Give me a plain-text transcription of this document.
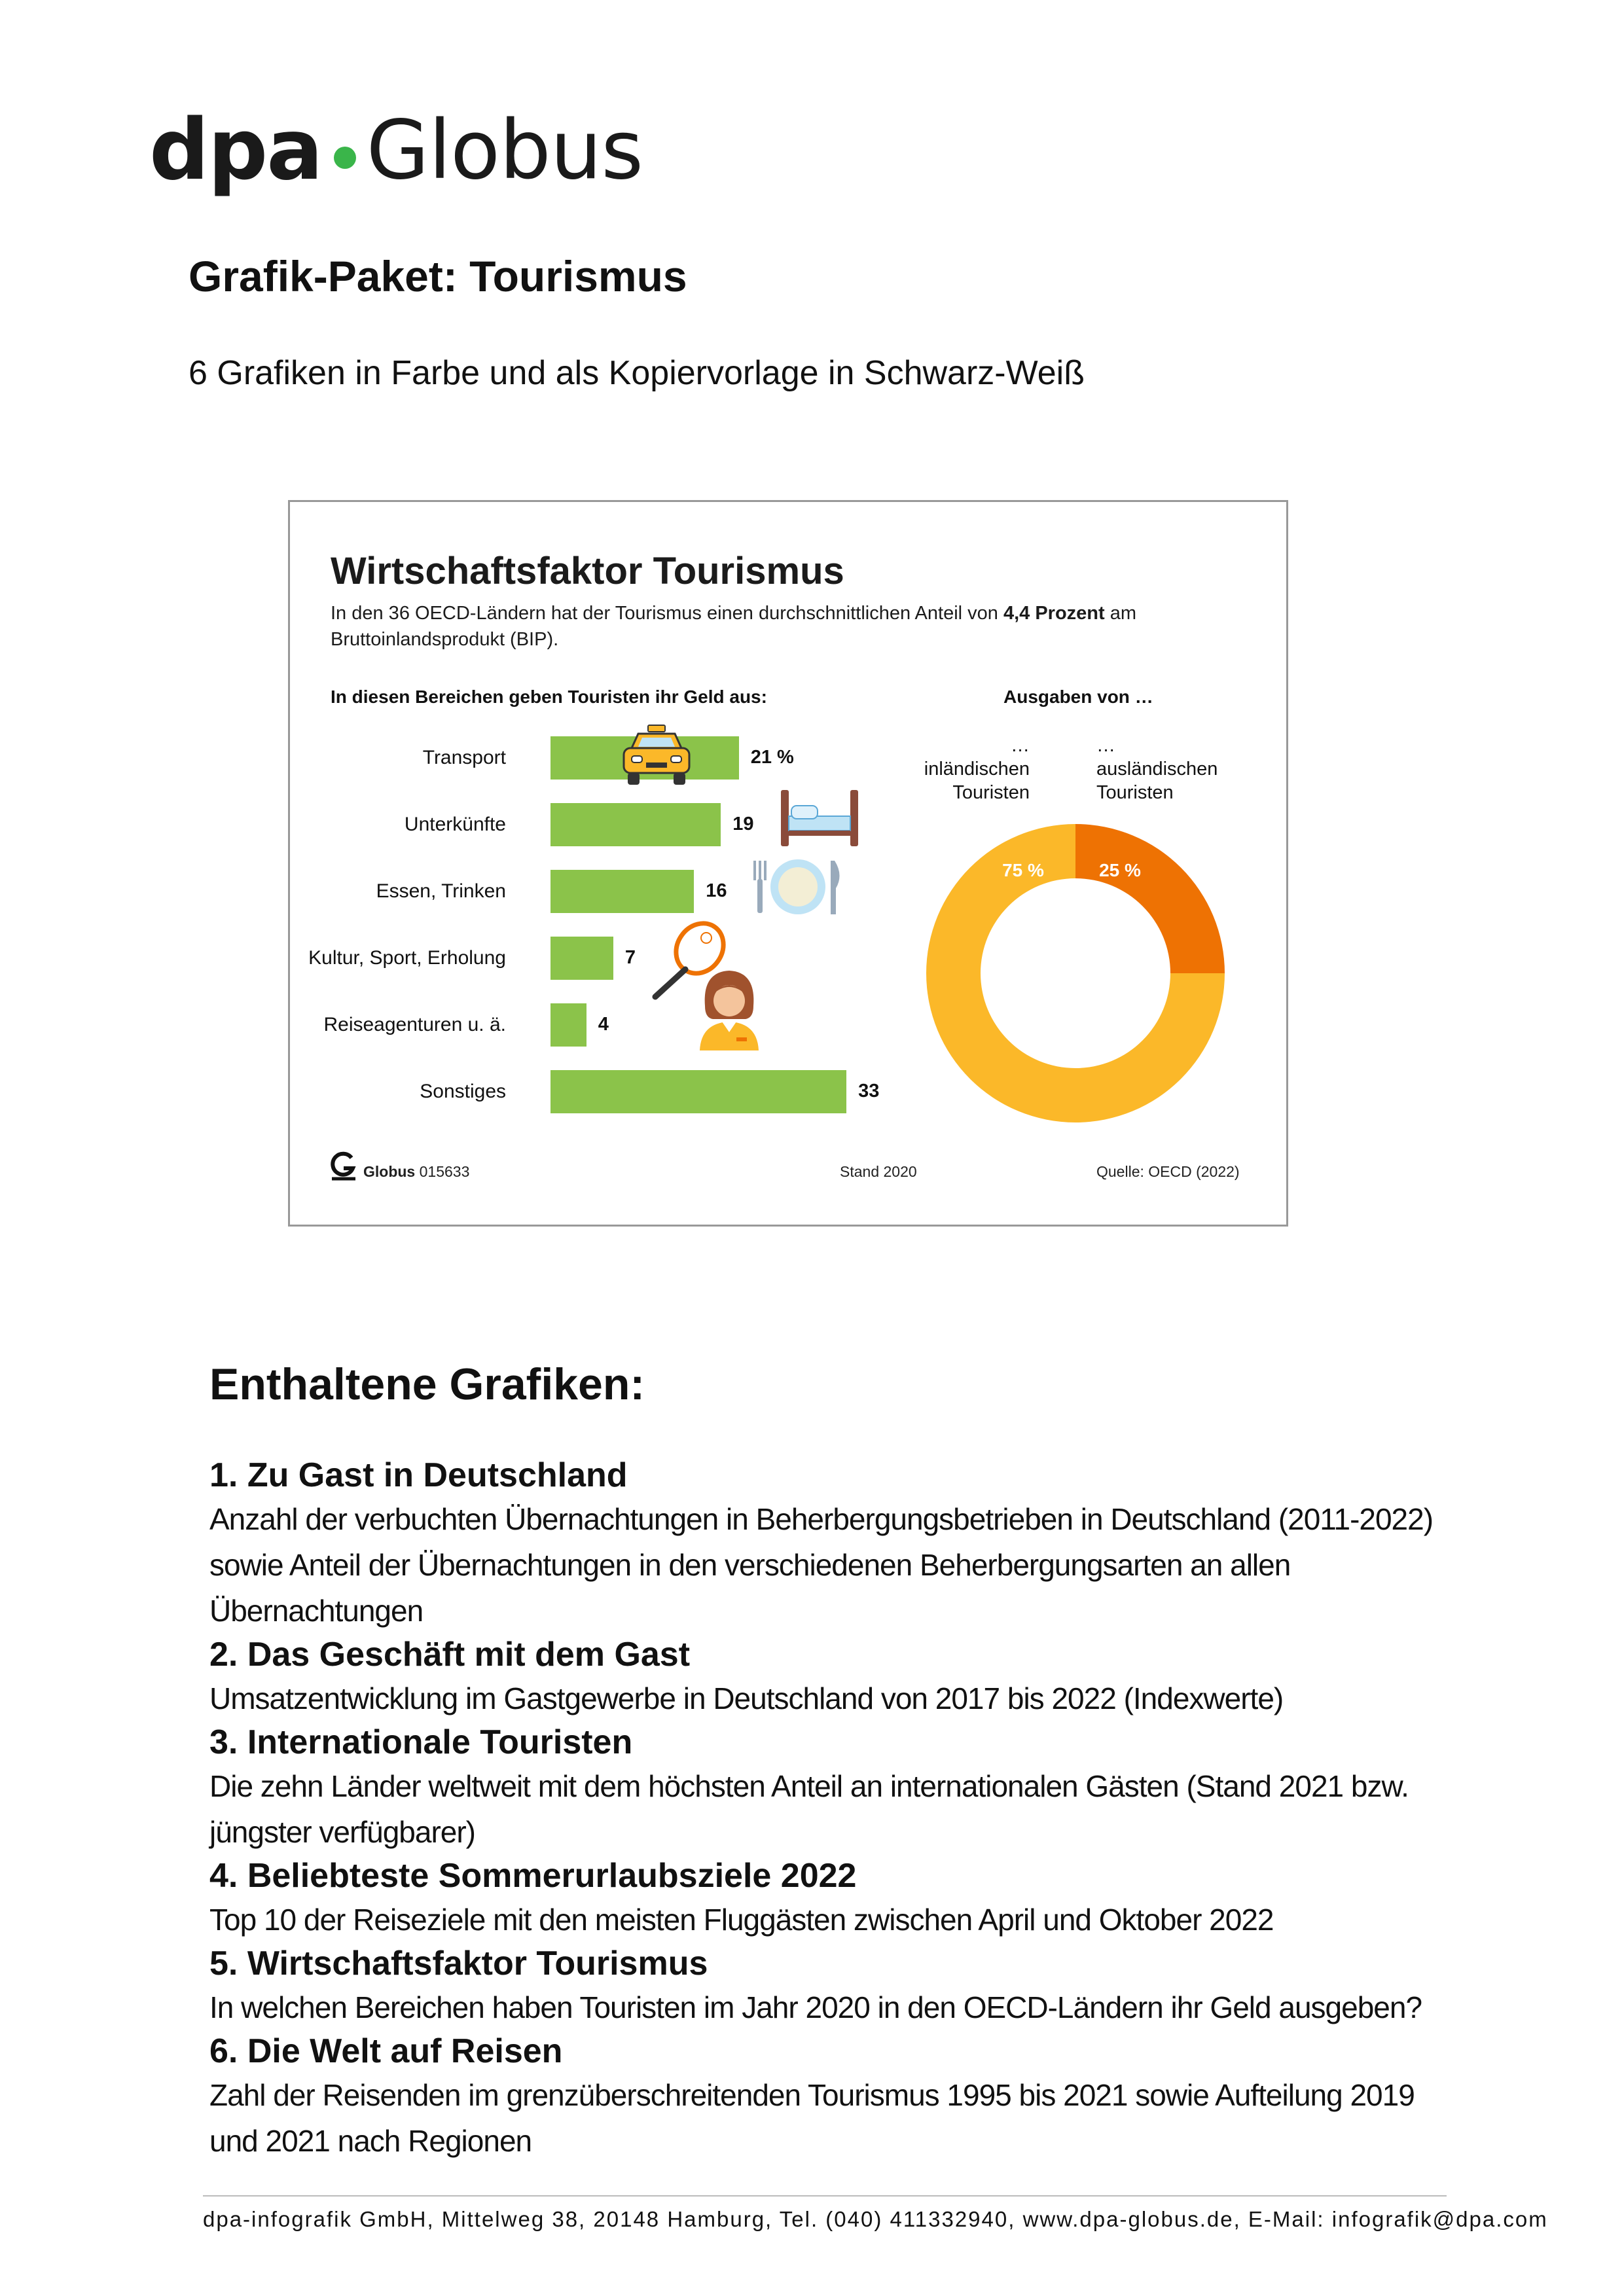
dpa Globus
Grafik-Paket: Tourismus
6 Grafiken in Farbe und als Kopiervorlage in Schwarz-Weiß
Wirtschaftsfaktor Tourismus
In den 36 OECD-Ländern hat der Tourismus einen durchschnittlichen Anteil von 4,4 Prozent am Bruttoinlandsprodukt (BIP).
In diesen Bereichen geben Touristen ihr Geld aus:	Ausgaben von …
Transport	21 %
Unterkünfte	19
Essen, Trinken	16
Kultur, Sport, Erholung	7
Reiseagenturen u. ä.	4
Sonstiges	33
75 %	25 %
… inländischen Touristen
… ausländischen Touristen
Globus 015633	Stand 2020	Quelle: OECD (2022)
Enthaltene Grafiken:
1. Zu Gast in Deutschland
Anzahl der verbuchten Übernachtungen in Beherbergungsbetrieben in Deutschland (2011-2022) sowie Anteil der Übernachtungen in den verschiedenen Beherbergungsarten an allen Übernachtungen
2. Das Geschäft mit dem Gast
Umsatzentwicklung im Gastgewerbe in Deutschland von 2017 bis 2022 (Indexwerte)
3. Internationale Touristen
Die zehn Länder weltweit mit dem höchsten Anteil an internationalen Gästen (Stand 2021 bzw. jüngster verfügbarer)
4. Beliebteste Sommerurlaubsziele 2022
Top 10 der Reiseziele mit den meisten Fluggästen zwischen April und Oktober 2022
5. Wirtschaftsfaktor Tourismus
In welchen Bereichen haben Touristen im Jahr 2020 in den OECD-Ländern ihr Geld ausgeben?
6. Die Welt auf Reisen
Zahl der Reisenden im grenzüberschreitenden Tourismus 1995 bis 2021 sowie Aufteilung 2019 und 2021 nach Regionen
dpa-infografik GmbH, Mittelweg 38, 20148 Hamburg, Tel. (040) 411332940, www.dpa-globus.de, E-Mail: infografik@dpa.com
